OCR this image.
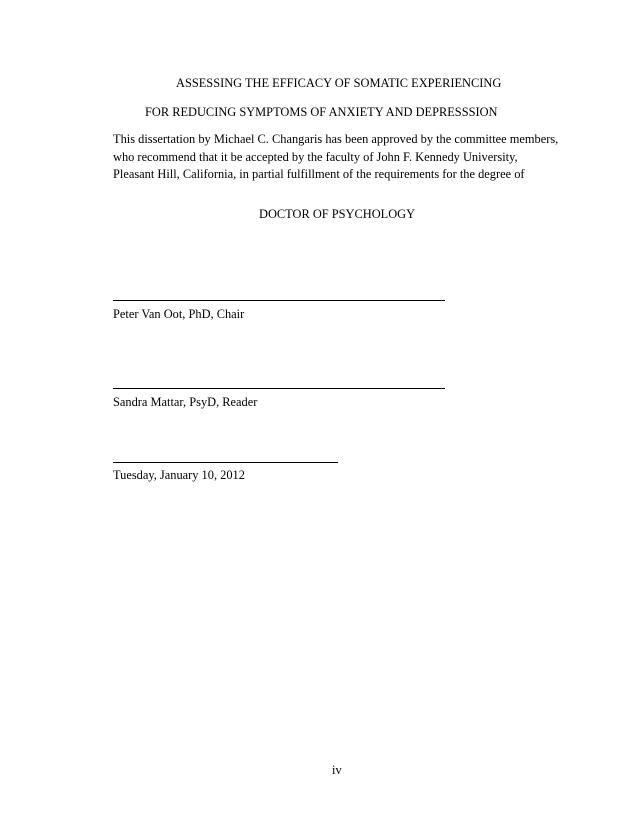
ASSESSING THE EFFICACY OF SOMATIC EXPERIENCING
FOR REDUCING SYMPTOMS OF ANXIETY AND DEPRESSSION
This dissertation by Michael C. Changaris has been approved by the committee members,
who recommend that it be accepted by the faculty of John F. Kennedy University,
Pleasant Hill, California, in partial fulfillment of the requirements for the degree of
DOCTOR OF PSYCHOLOGY
Peter Van Oot, PhD, Chair
Sandra Mattar, PsyD, Reader
Tuesday, January 10, 2012
iv
